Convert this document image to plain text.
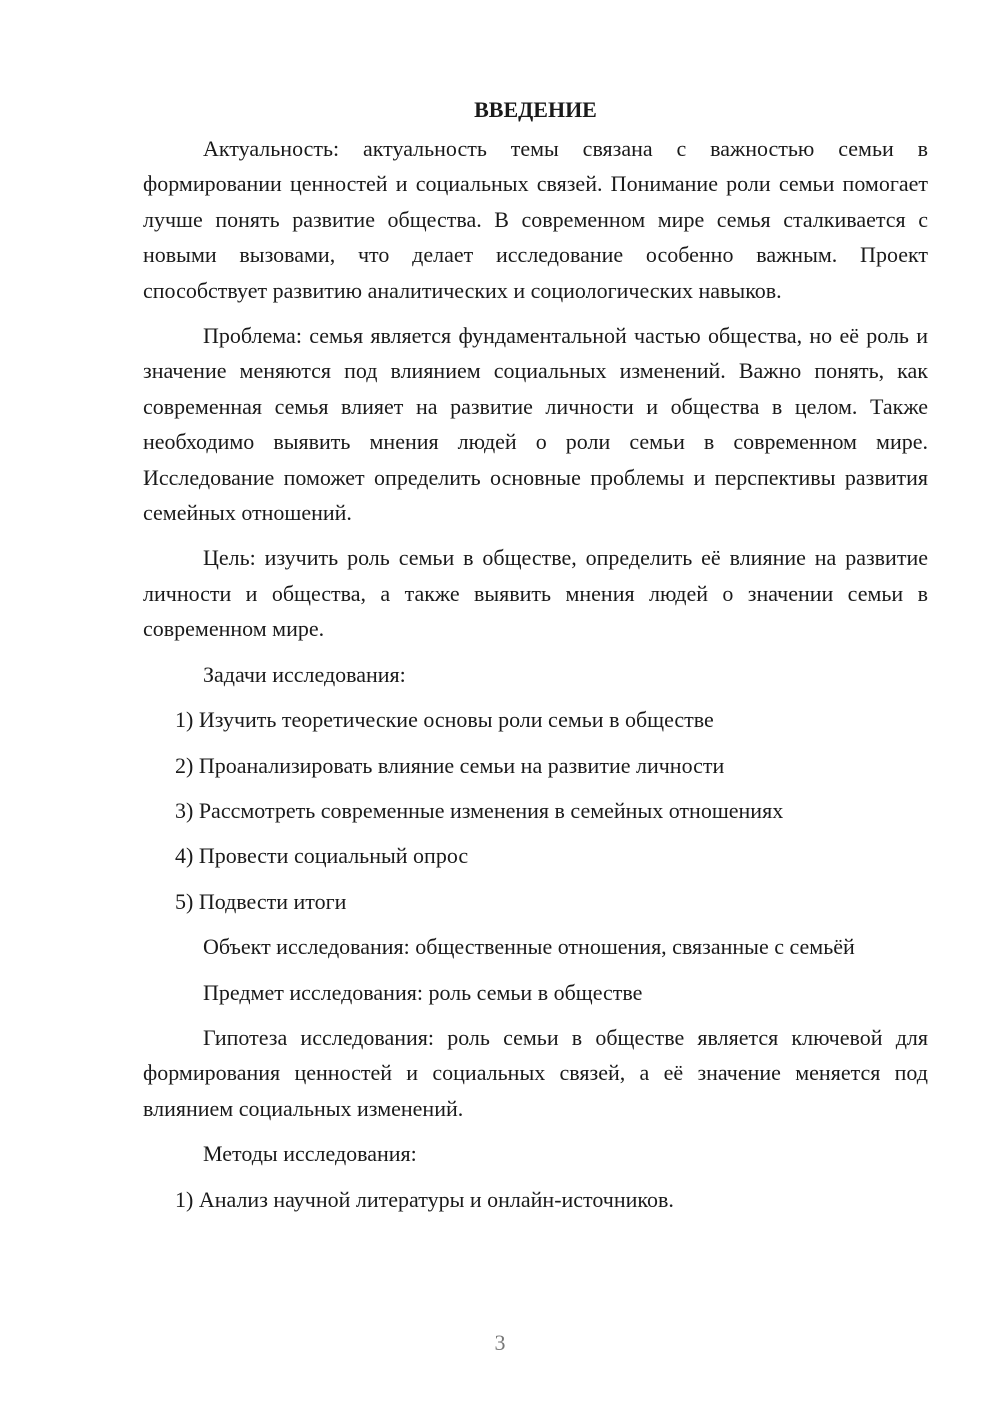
ВВЕДЕНИЕ

Актуальность: актуальность темы связана с важностью семьи в формировании ценностей и социальных связей. Понимание роли семьи помогает лучше понять развитие общества. В современном мире семья сталкивается с новыми вызовами, что делает исследование особенно важным. Проект способствует развитию аналитических и социологических навыков.

Проблема: семья является фундаментальной частью общества, но её роль и значение меняются под влиянием социальных изменений. Важно понять, как современная семья влияет на развитие личности и общества в целом. Также необходимо выявить мнения людей о роли семьи в современном мире. Исследование поможет определить основные проблемы и перспективы развития семейных отношений.

Цель: изучить роль семьи в обществе, определить её влияние на развитие личности и общества, а также выявить мнения людей о значении семьи в современном мире.

Задачи исследования:
1) Изучить теоретические основы роли семьи в обществе
2) Проанализировать влияние семьи на развитие личности
3) Рассмотреть современные изменения в семейных отношениях
4) Провести социальный опрос
5) Подвести итоги

Объект исследования: общественные отношения, связанные с семьёй

Предмет исследования: роль семьи в обществе

Гипотеза исследования: роль семьи в обществе является ключевой для формирования ценностей и социальных связей, а её значение меняется под влиянием социальных изменений.

Методы исследования:
1) Анализ научной литературы и онлайн-источников.
3
